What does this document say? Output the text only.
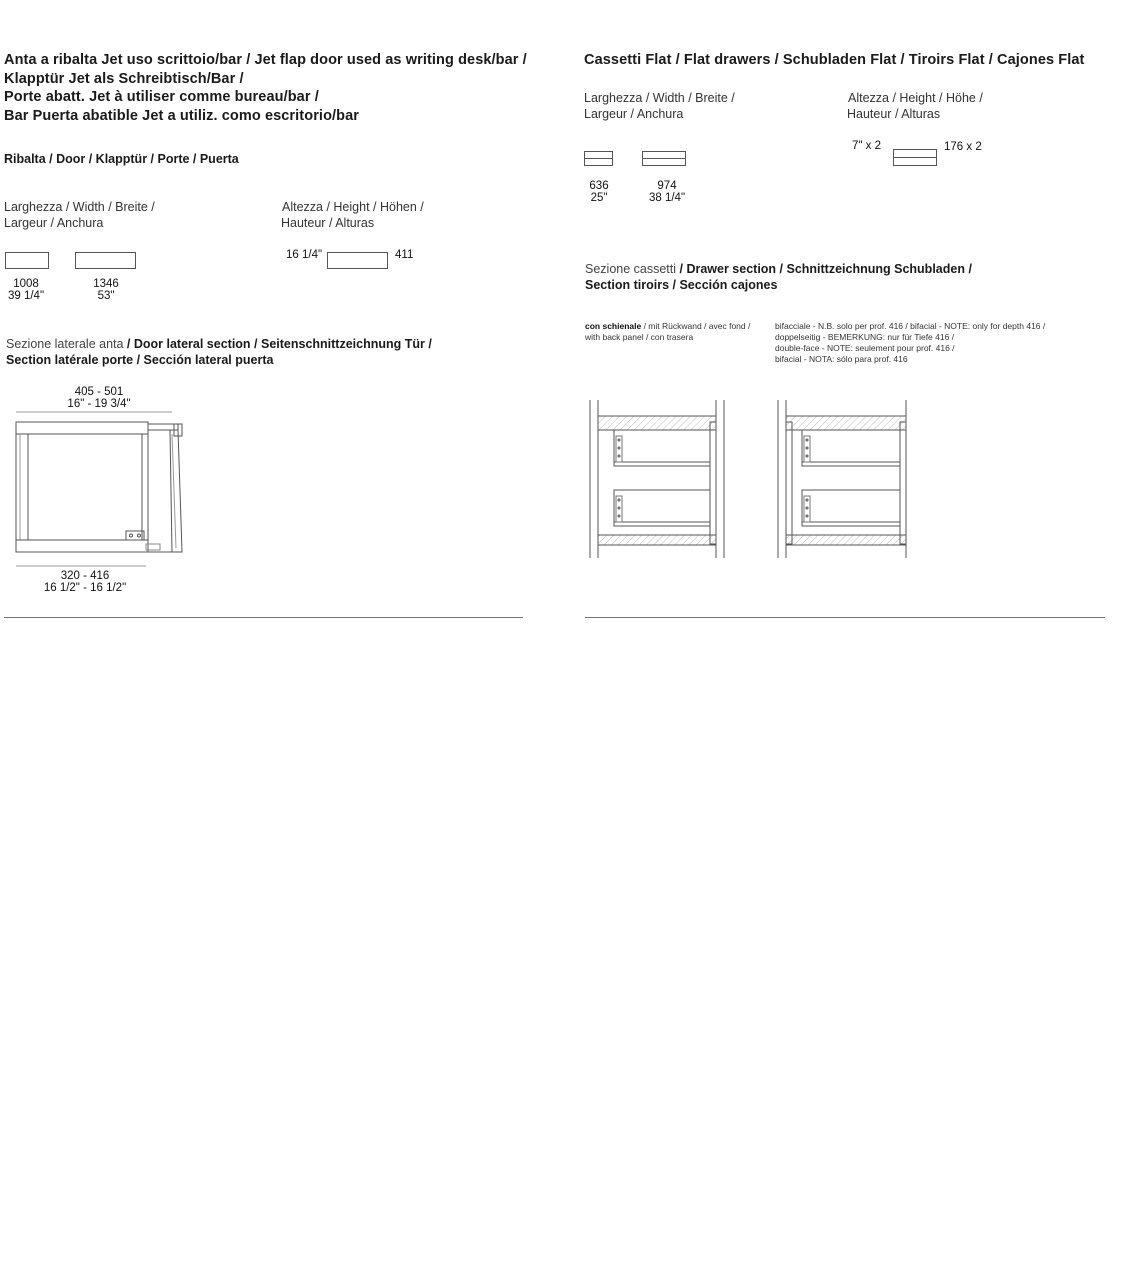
Anta a ribalta Jet uso scrittoio/bar / Jet flap door used as writing desk/bar /
Klapptür Jet als Schreibtisch/Bar /
Porte abatt. Jet à utiliser comme bureau/bar /
Bar Puerta abatible Jet a utiliz. como escritorio/bar
Ribalta / Door / Klapptür / Porte / Puerta
Larghezza / Width / Breite /
Largeur / Anchura
Altezza / Height / Höhen /
Hauteur / Alturas
1008
39 1/4"
1346
53"
16 1/4"	411
Sezione laterale anta / Door lateral section / Seitenschnittzeichnung Tür /
Section latérale porte / Sección lateral puerta
405 - 501
16" - 19 3/4"
320 - 416
16 1/2" - 16 1/2"
Cassetti Flat / Flat drawers / Schubladen Flat / Tiroirs Flat / Cajones Flat
Larghezza / Width / Breite /
Largeur / Anchura
Altezza / Height / Höhe /
Hauteur / Alturas
636
25"
974
38 1/4"
7" x 2	176 x 2
Sezione cassetti / Drawer section / Schnittzeichnung Schubladen /
Section tiroirs / Sección cajones
con schienale / mit Rückwand / avec fond /
with back panel / con trasera
bifacciale - N.B. solo per prof. 416 / bifacial - NOTE: only for depth 416 /
doppelseitig - BEMERKUNG: nur für Tiefe 416 /
double-face - NOTE: seulement pour prof. 416 /
bifacial - NOTA: sólo para prof. 416
